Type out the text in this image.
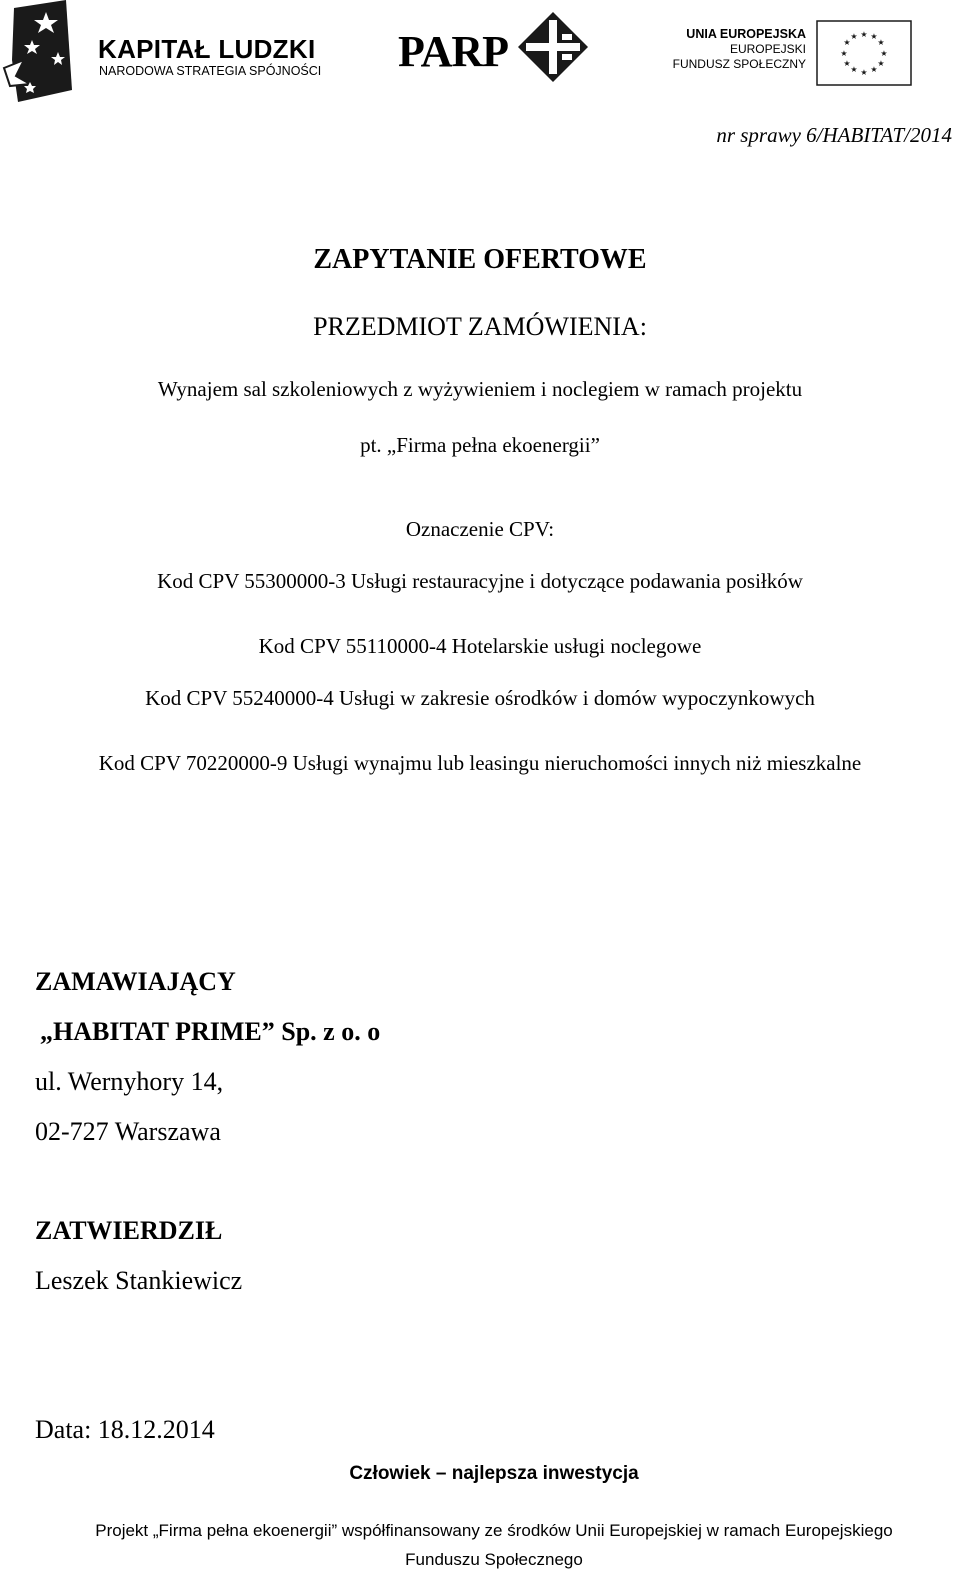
KAPITAŁ LUDZKI
NARODOWA STRATEGIA SPÓJNOŚCI PARP	UNIA EUROPEJSKA
EUROPEJSKI
FUNDUSZ SPOŁECZNY
★ ★
★
★
★
★
★
★
★
★
★
★
nr sprawy 6/HABITAT/2014
ZAPYTANIE OFERTOWE
PRZEDMIOT ZAMÓWIENIA:
Wynajem sal szkoleniowych z wyżywieniem i noclegiem w ramach projektu
pt. „Firma pełna ekoenergii”
Oznaczenie CPV:
Kod CPV 55300000-3 Usługi restauracyjne i dotyczące podawania posiłków
Kod CPV 55110000-4 Hotelarskie usługi noclegowe
Kod CPV 55240000-4 Usługi w zakresie ośrodków i domów wypoczynkowych
Kod CPV 70220000-9 Usługi wynajmu lub leasingu nieruchomości innych niż mieszkalne
ZAMAWIAJĄCY
„HABITAT PRIME” Sp. z o. o
ul. Wernyhory 14,
02-727 Warszawa
ZATWIERDZIŁ
Leszek Stankiewicz
Data: 18.12.2014
Człowiek – najlepsza inwestycja
Projekt „Firma pełna ekoenergii” współfinansowany ze środków Unii Europejskiej w ramach Europejskiego
Funduszu Społecznego
